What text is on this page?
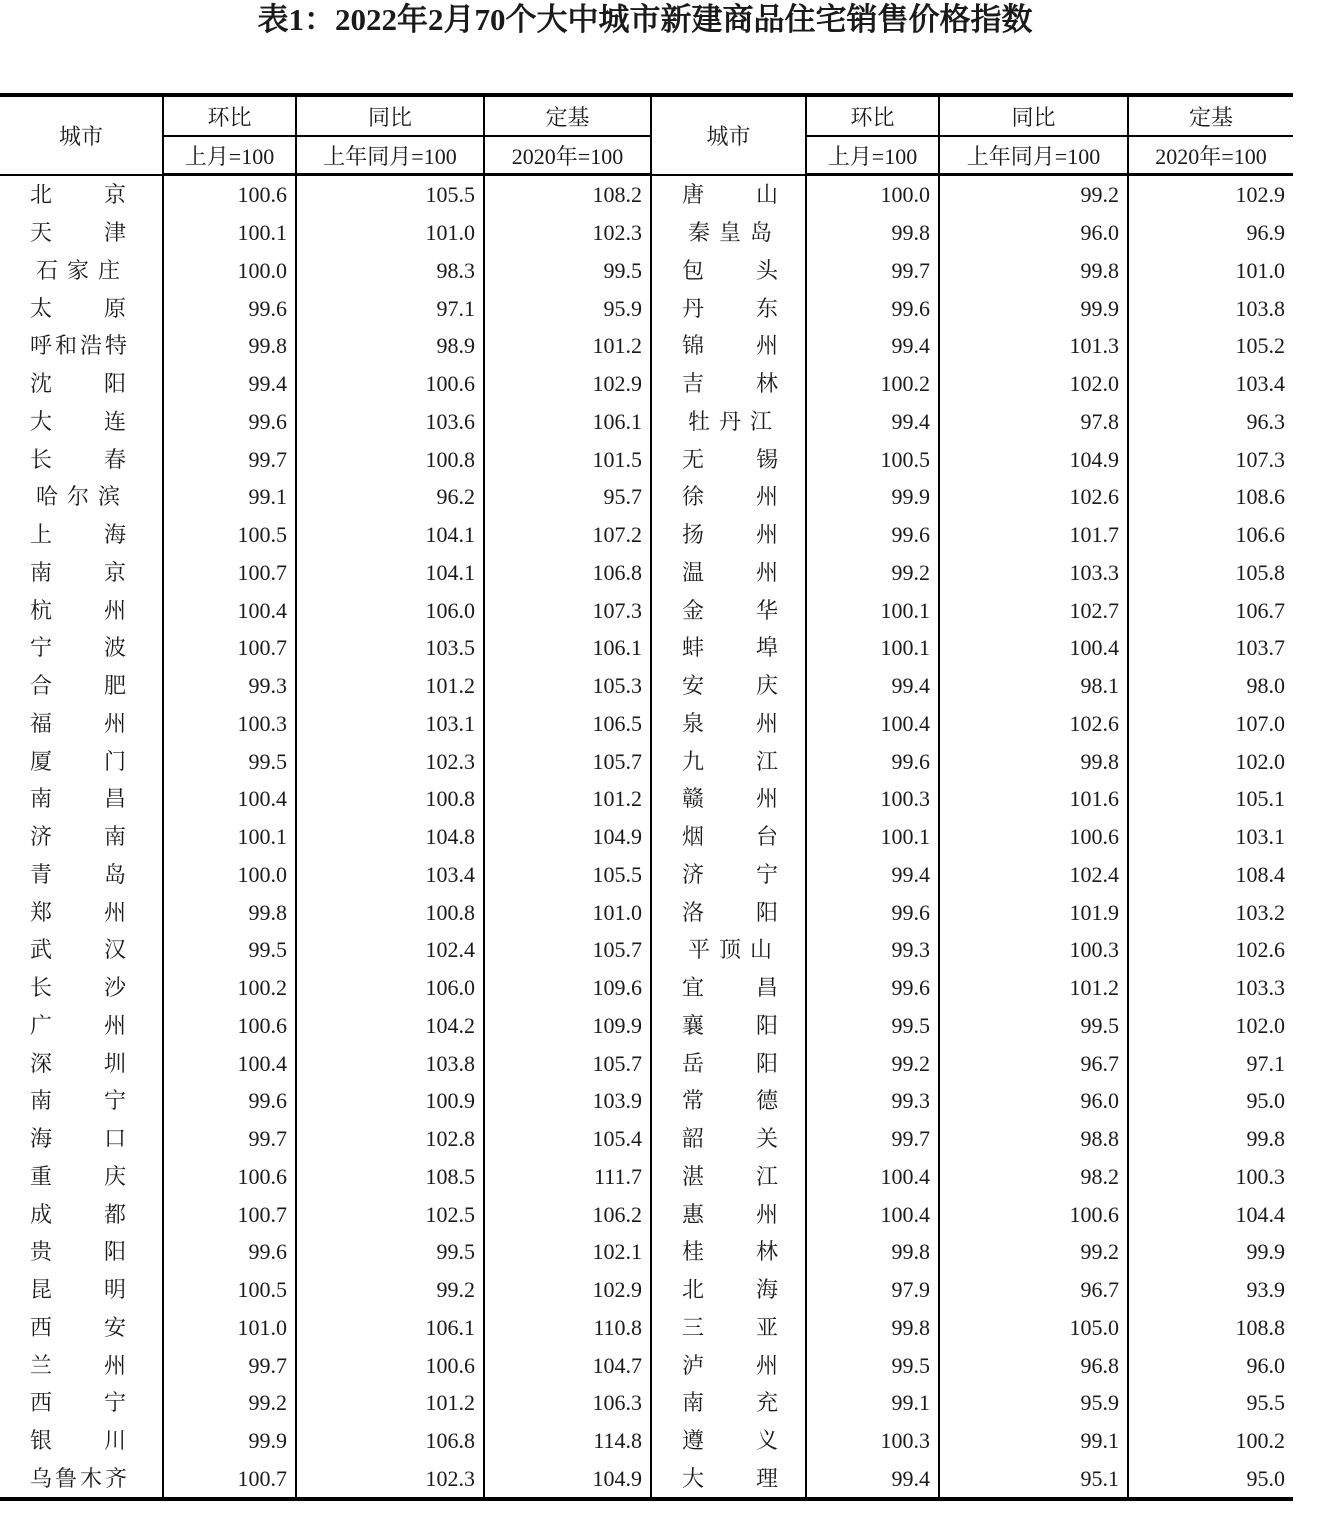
表1：2022年2月70个大中城市新建商品住宅销售价格指数
城市	环比	同比	定基	城市	环比	同比	定基
	上月=100	上年同月=100	2020年=100		上月=100	上年同月=100	2020年=100
北 京	100.6	105.5	108.2	唐 山	100.0	99.2	102.9
天 津	100.1	101.0	102.3	秦 皇 岛	99.8	96.0	96.9
石 家 庄	100.0	98.3	99.5	包 头	99.7	99.8	101.0
太 原	99.6	97.1	95.9	丹 东	99.6	99.9	103.8
呼和浩特	99.8	98.9	101.2	锦 州	99.4	101.3	105.2
沈 阳	99.4	100.6	102.9	吉 林	100.2	102.0	103.4
大 连	99.6	103.6	106.1	牡 丹 江	99.4	97.8	96.3
长 春	99.7	100.8	101.5	无 锡	100.5	104.9	107.3
哈 尔 滨	99.1	96.2	95.7	徐 州	99.9	102.6	108.6
上 海	100.5	104.1	107.2	扬 州	99.6	101.7	106.6
南 京	100.7	104.1	106.8	温 州	99.2	103.3	105.8
杭 州	100.4	106.0	107.3	金 华	100.1	102.7	106.7
宁 波	100.7	103.5	106.1	蚌 埠	100.1	100.4	103.7
合 肥	99.3	101.2	105.3	安 庆	99.4	98.1	98.0
福 州	100.3	103.1	106.5	泉 州	100.4	102.6	107.0
厦 门	99.5	102.3	105.7	九 江	99.6	99.8	102.0
南 昌	100.4	100.8	101.2	赣 州	100.3	101.6	105.1
济 南	100.1	104.8	104.9	烟 台	100.1	100.6	103.1
青 岛	100.0	103.4	105.5	济 宁	99.4	102.4	108.4
郑 州	99.8	100.8	101.0	洛 阳	99.6	101.9	103.2
武 汉	99.5	102.4	105.7	平 顶 山	99.3	100.3	102.6
长 沙	100.2	106.0	109.6	宜 昌	99.6	101.2	103.3
广 州	100.6	104.2	109.9	襄 阳	99.5	99.5	102.0
深 圳	100.4	103.8	105.7	岳 阳	99.2	96.7	97.1
南 宁	99.6	100.9	103.9	常 德	99.3	96.0	95.0
海 口	99.7	102.8	105.4	韶 关	99.7	98.8	99.8
重 庆	100.6	108.5	111.7	湛 江	100.4	98.2	100.3
成 都	100.7	102.5	106.2	惠 州	100.4	100.6	104.4
贵 阳	99.6	99.5	102.1	桂 林	99.8	99.2	99.9
昆 明	100.5	99.2	102.9	北 海	97.9	96.7	93.9
西 安	101.0	106.1	110.8	三 亚	99.8	105.0	108.8
兰 州	99.7	100.6	104.7	泸 州	99.5	96.8	96.0
西 宁	99.2	101.2	106.3	南 充	99.1	95.9	95.5
银 川	99.9	106.8	114.8	遵 义	100.3	99.1	100.2
乌鲁木齐	100.7	102.3	104.9	大 理	99.4	95.1	95.0
